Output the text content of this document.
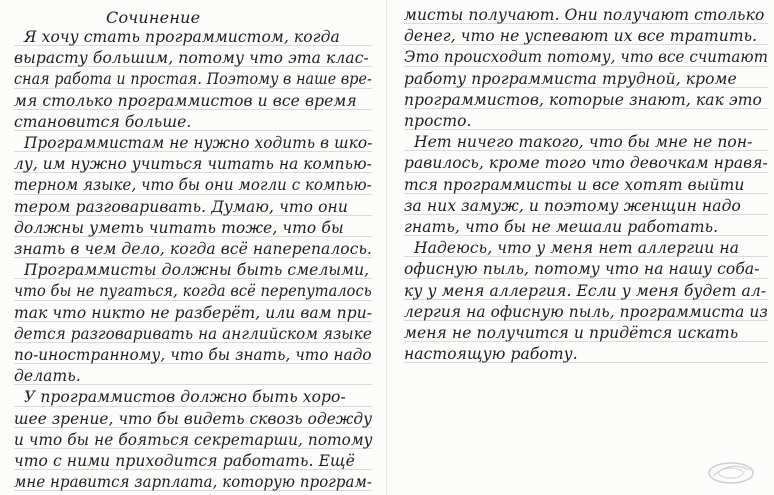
Сочинение
Я хочу стать программистом, когда
вырасту большим, потому что эта клас-
сная работа и простая. Поэтому в наше вре-
мя столько программистов и все время
становится больше.
Программистам не нужно ходить в шко-
лу, им нужно учиться читать на компью-
терном языке, что бы они могли с компью-
тером разговаривать. Думаю, что они
должны уметь читать тоже, что бы
знать в чем дело, когда всё наперепалось.
Программисты должны быть смелыми,
что бы не пугаться, когда всё перепуталось
так что никто не разберёт, или вам при-
дется разговаривать на английском языке
по-иностранному, что бы знать, что надо
делать.
У программистов должно быть хоро-
шее зрение, что бы видеть сквозь одежду
и что бы не бояться секретарши, потому
что с ними приходится работать. Ещё
мне нравится зарплата, которую програм-
мисты получают. Они получают столько
денег, что не успевают их все тратить.
Это происходит потому, что все считают
работу программиста трудной, кроме
программистов, которые знают, как это
просто.
Нет ничего такого, что бы мне не пон-
равилось, кроме того что девочкам нравя-
тся программисты и все хотят выйти
за них замуж, и поэтому женщин надо
гнать, что бы не мешали работать.
Надеюсь, что у меня нет аллергии на
офисную пыль, потому что на нашу соба-
ку у меня аллергия. Если у меня будет ал-
лергия на офисную пыль, программиста из
меня не получится и придётся искать
настоящую работу.
